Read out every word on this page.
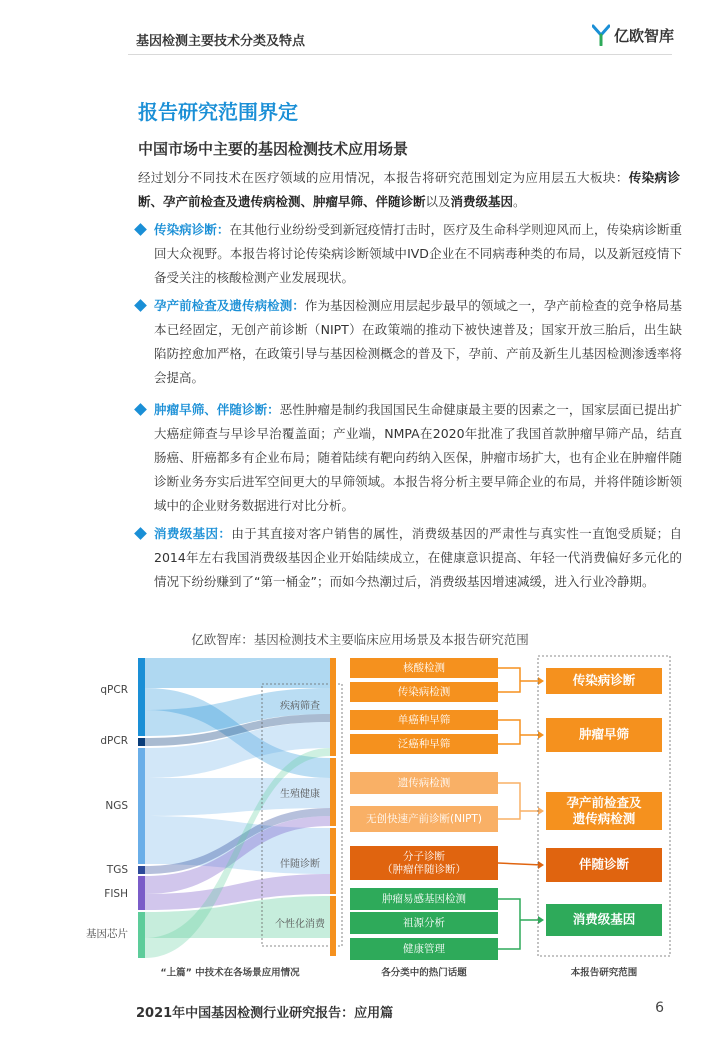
基因检测主要技术分类及特点	亿欧智库
报告研究范围界定
中国市场中主要的基因检测技术应用场景
经过划分不同技术在医疗领域的应用情况，本报告将研究范围划定为应用层五大板块：传染病诊断、孕产前检查及遗传病检测、肿瘤早筛、伴随诊断以及消费级基因。
传染病诊断：在其他行业纷纷受到新冠疫情打击时，医疗及生命科学则迎风而上，传染病诊断重回大众视野。本报告将讨论传染病诊断领域中IVD企业在不同病毒种类的布局，以及新冠疫情下备受关注的核酸检测产业发展现状。
孕产前检查及遗传病检测：作为基因检测应用层起步最早的领域之一，孕产前检查的竞争格局基本已经固定，无创产前诊断（NIPT）在政策端的推动下被快速普及；国家开放三胎后，出生缺陷防控愈加严格，在政策引导与基因检测概念的普及下，孕前、产前及新生儿基因检测渗透率将会提高。
肿瘤早筛、伴随诊断：恶性肿瘤是制约我国国民生命健康最主要的因素之一，国家层面已提出扩大癌症筛查与早诊早治覆盖面；产业端，NMPA在2020年批准了我国首款肿瘤早筛产品，结直肠癌、肝癌都多有企业布局；随着陆续有靶向药纳入医保，肿瘤市场扩大，也有企业在肿瘤伴随诊断业务夯实后进军空间更大的早筛领域。本报告将分析主要早筛企业的布局，并将伴随诊断领域中的企业财务数据进行对比分析。
消费级基因：由于其直接对客户销售的属性，消费级基因的严肃性与真实性一直饱受质疑；自2014年左右我国消费级基因企业开始陆续成立，在健康意识提高、年轻一代消费偏好多元化的情况下纷纷赚到了“第一桶金”；而如今热潮过后，消费级基因增速减缓，进入行业冷静期。
亿欧智库：基因检测技术主要临床应用场景及本报告研究范围
qPCR
dPCR
NGS
TGS
FISH
基因芯片
疾病筛查
生殖健康
伴随诊断
个性化消费
核酸检测
传染病检测
单癌种早筛
泛癌种早筛
遗传病检测
无创快速产前诊断(NIPT)
分子诊断（肿瘤伴随诊断）
肿瘤易感基因检测
祖源分析
健康管理
传染病诊断
肿瘤早筛
孕产前检查及遗传病检测
伴随诊断
消费级基因
“上篇” 中技术在各场景应用情况	各分类中的热门话题	本报告研究范围
2021年中国基因检测行业研究报告：应用篇	6
